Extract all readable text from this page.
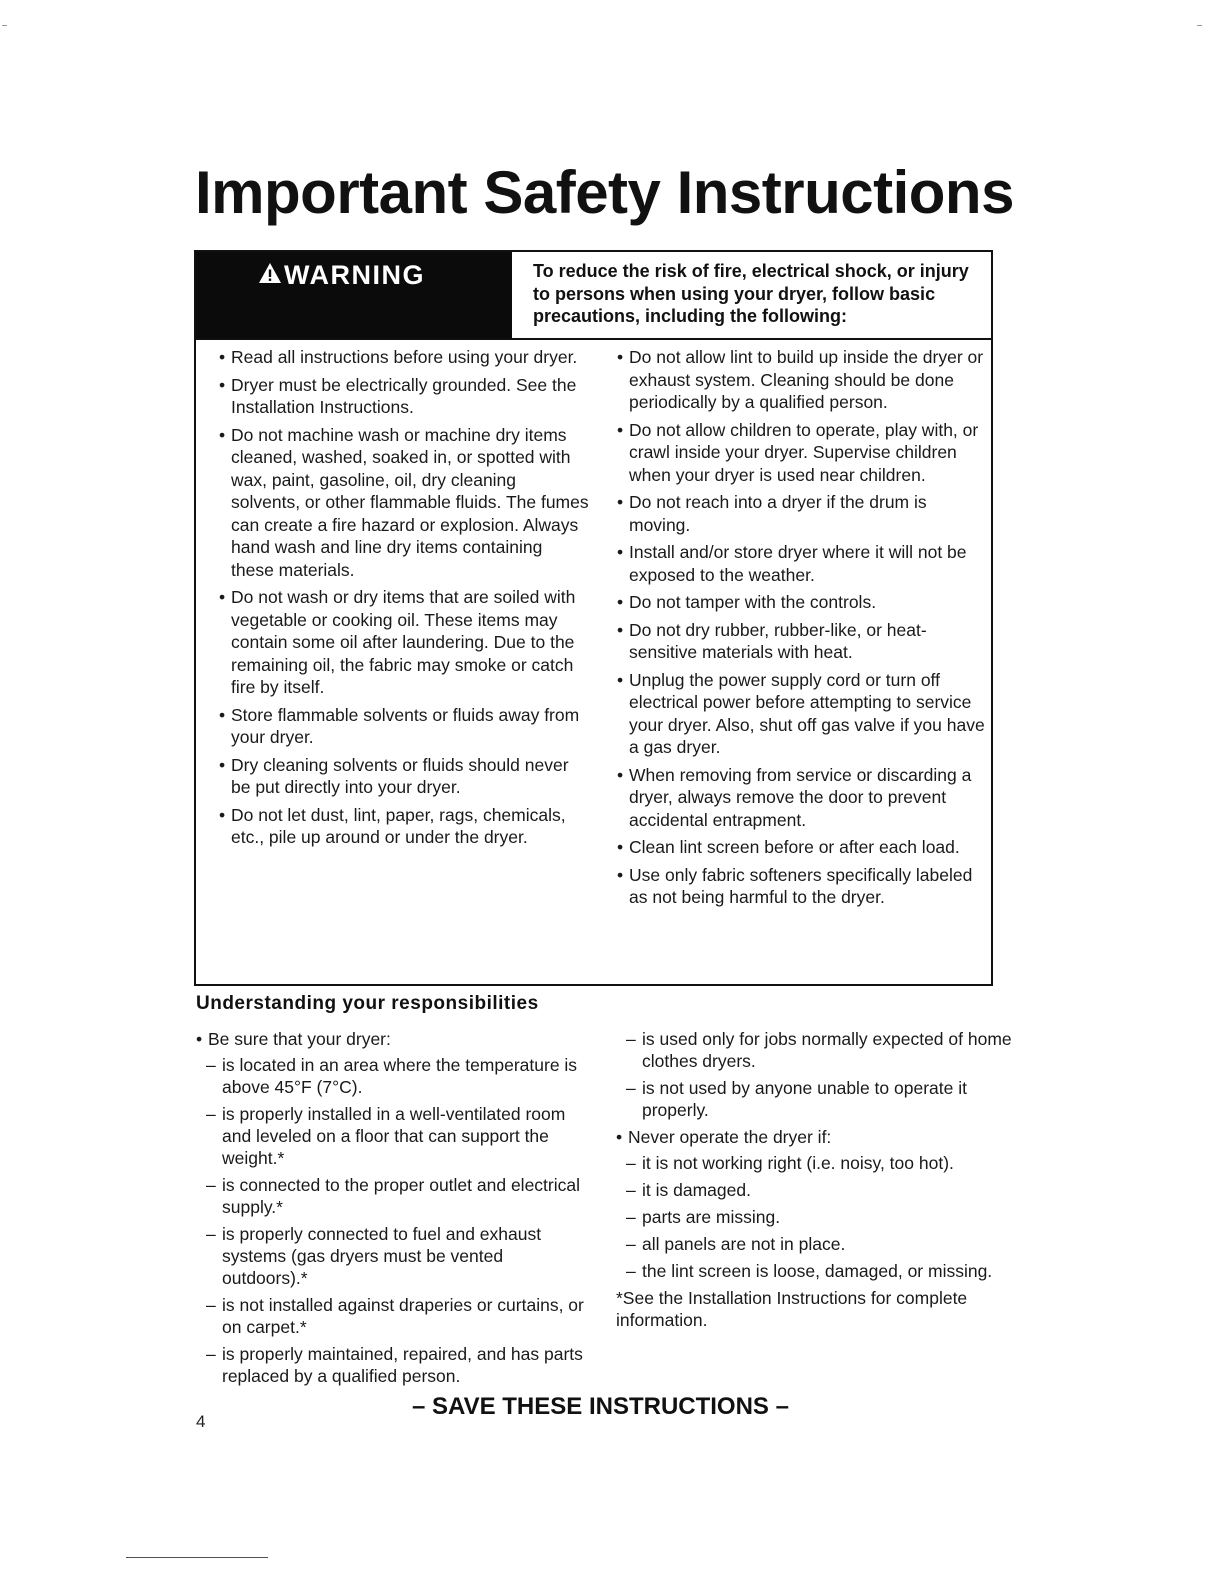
Important Safety Instructions
WARNING	To reduce the risk of fire, electrical shock, or injury to persons when using your dryer, follow basic precautions, including the following:
• Read all instructions before using your dryer.
• Dryer must be electrically grounded. See the Installation Instructions.
• Do not machine wash or machine dry items cleaned, washed, soaked in, or spotted with wax, paint, gasoline, oil, dry cleaning solvents, or other flammable fluids. The fumes can create a fire hazard or explosion. Always hand wash and line dry items containing these materials.
• Do not wash or dry items that are soiled with vegetable or cooking oil. These items may contain some oil after laundering. Due to the remaining oil, the fabric may smoke or catch fire by itself.
• Store flammable solvents or fluids away from your dryer.
• Dry cleaning solvents or fluids should never be put directly into your dryer.
• Do not let dust, lint, paper, rags, chemicals, etc., pile up around or under the dryer.
• Do not allow lint to build up inside the dryer or exhaust system. Cleaning should be done periodically by a qualified person.
• Do not allow children to operate, play with, or crawl inside your dryer. Supervise children when your dryer is used near children.
• Do not reach into a dryer if the drum is moving.
• Install and/or store dryer where it will not be exposed to the weather.
• Do not tamper with the controls.
• Do not dry rubber, rubber-like, or heat-sensitive materials with heat.
• Unplug the power supply cord or turn off electrical power before attempting to service your dryer. Also, shut off gas valve if you have a gas dryer.
• When removing from service or discarding a dryer, always remove the door to prevent accidental entrapment.
• Clean lint screen before or after each load.
• Use only fabric softeners specifically labeled as not being harmful to the dryer.
Understanding your responsibilities
• Be sure that your dryer:
– is located in an area where the temperature is above 45°F (7°C).
– is properly installed in a well-ventilated room and leveled on a floor that can support the weight.*
– is connected to the proper outlet and electrical supply.*
– is properly connected to fuel and exhaust systems (gas dryers must be vented outdoors).*
– is not installed against draperies or curtains, or on carpet.*
– is properly maintained, repaired, and has parts replaced by a qualified person.
– is used only for jobs normally expected of home clothes dryers.
– is not used by anyone unable to operate it properly.
• Never operate the dryer if:
– it is not working right (i.e. noisy, too hot).
– it is damaged.
– parts are missing.
– all panels are not in place.
– the lint screen is loose, damaged, or missing.
*See the Installation Instructions for complete information.
4
– SAVE THESE INSTRUCTIONS –
